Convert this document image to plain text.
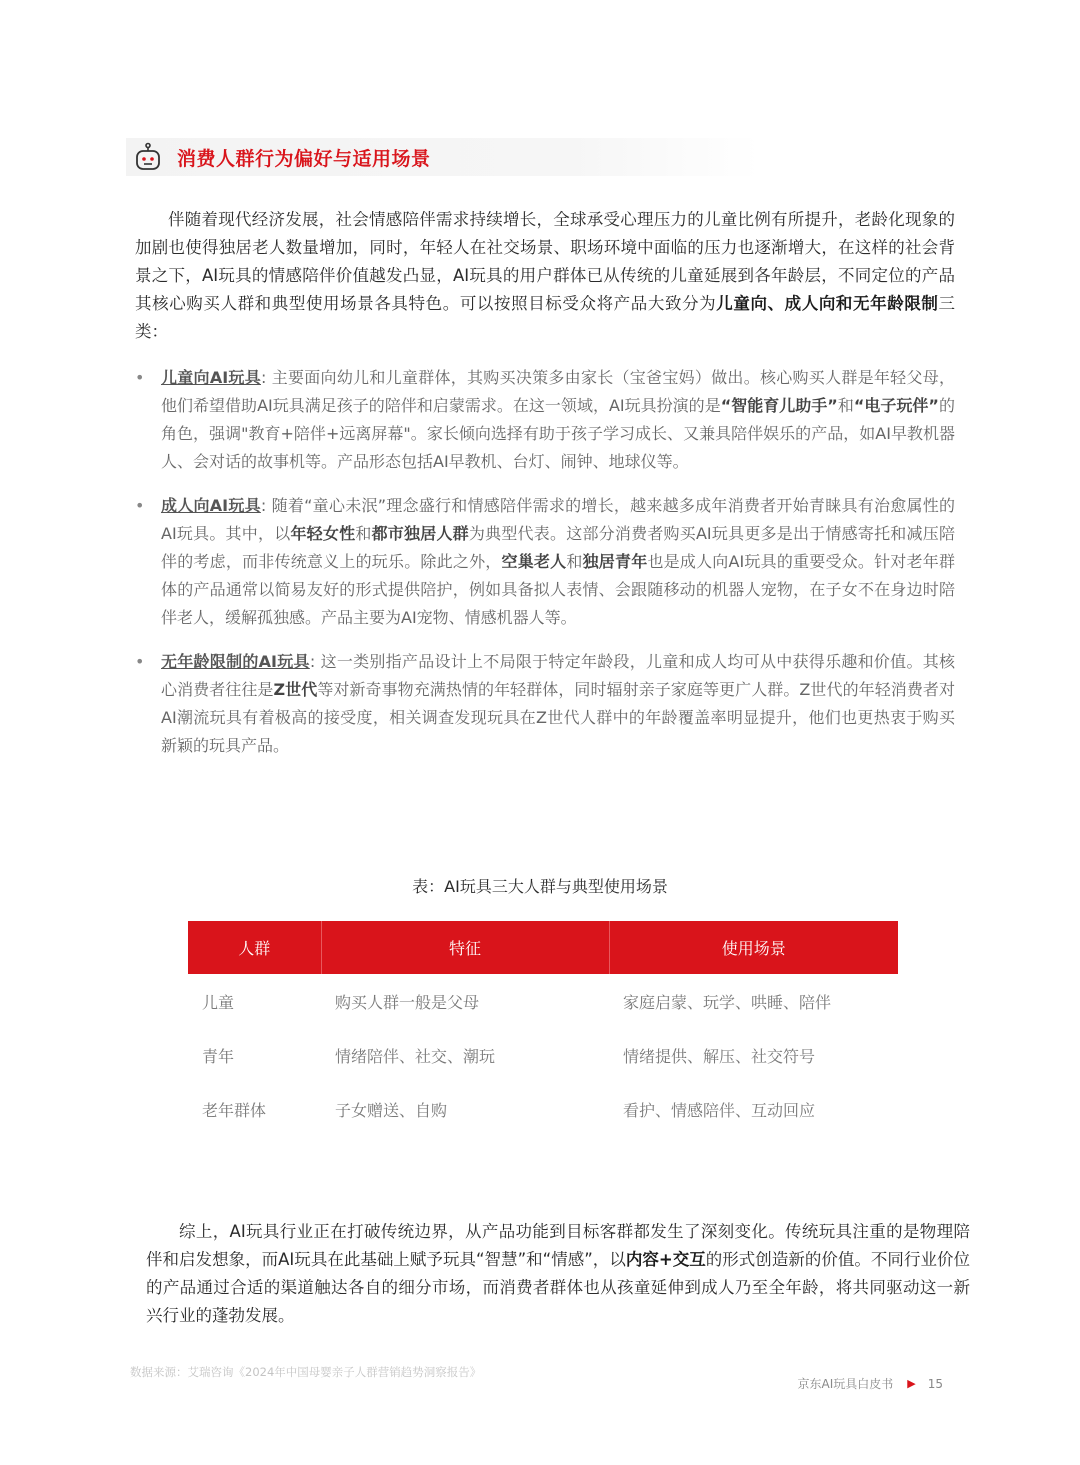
消费人群行为偏好与适用场景

伴随着现代经济发展，社会情感陪伴需求持续增长，全球承受心理压力的儿童比例有所提升，老龄化现象的加剧也使得独居老人数量增加，同时，年轻人在社交场景、职场环境中面临的压力也逐渐增大，在这样的社会背景之下，AI玩具的情感陪伴价值越发凸显，AI玩具的用户群体已从传统的儿童延展到各年龄层，不同定位的产品其核心购买人群和典型使用场景各具特色。可以按照目标受众将产品大致分为儿童向、成人向和无年龄限制三类：

• 儿童向AI玩具: 主要面向幼儿和儿童群体，其购买决策多由家长（宝爸宝妈）做出。核心购买人群是年轻父母，他们希望借助AI玩具满足孩子的陪伴和启蒙需求。在这一领域，AI玩具扮演的是“智能育儿助手”和“电子玩伴”的角色，强调"教育+陪伴+远离屏幕"。家长倾向选择有助于孩子学习成长、又兼具陪伴娱乐的产品，如AI早教机器人、会对话的故事机等。产品形态包括AI早教机、台灯、闹钟、地球仪等。
• 成人向AI玩具: 随着“童心未泯”理念盛行和情感陪伴需求的增长，越来越多成年消费者开始青睐具有治愈属性的AI玩具。其中，以年轻女性和都市独居人群为典型代表。这部分消费者购买AI玩具更多是出于情感寄托和减压陪伴的考虑，而非传统意义上的玩乐。除此之外，空巢老人和独居青年也是成人向AI玩具的重要受众。针对老年群体的产品通常以简易友好的形式提供陪护，例如具备拟人表情、会跟随移动的机器人宠物，在子女不在身边时陪伴老人，缓解孤独感。产品主要为AI宠物、情感机器人等。
• 无年龄限制的AI玩具: 这一类别指产品设计上不局限于特定年龄段，儿童和成人均可从中获得乐趣和价值。其核心消费者往往是Z世代等对新奇事物充满热情的年轻群体，同时辐射亲子家庭等更广人群。Z世代的年轻消费者对AI潮流玩具有着极高的接受度，相关调查发现玩具在Z世代人群中的年龄覆盖率明显提升，他们也更热衷于购买新颖的玩具产品。
表：AI玩具三大人群与典型使用场景
人群	特征	使用场景
儿童	购买人群一般是父母	家庭启蒙、玩学、哄睡、陪伴
青年	情绪陪伴、社交、潮玩	情绪提供、解压、社交符号
老年群体	子女赠送、自购	看护、情感陪伴、互动回应

综上，AI玩具行业正在打破传统边界，从产品功能到目标客群都发生了深刻变化。传统玩具注重的是物理陪伴和启发想象，而AI玩具在此基础上赋予玩具“智慧”和“情感”，以内容+交互的形式创造新的价值。不同行业价位的产品通过合适的渠道触达各自的细分市场，而消费者群体也从孩童延伸到成人乃至全年龄，将共同驱动这一新兴行业的蓬勃发展。

数据来源：艾瑞咨询《2024年中国母婴亲子人群营销趋势洞察报告》
京东AI玩具白皮书 ▶ 15
